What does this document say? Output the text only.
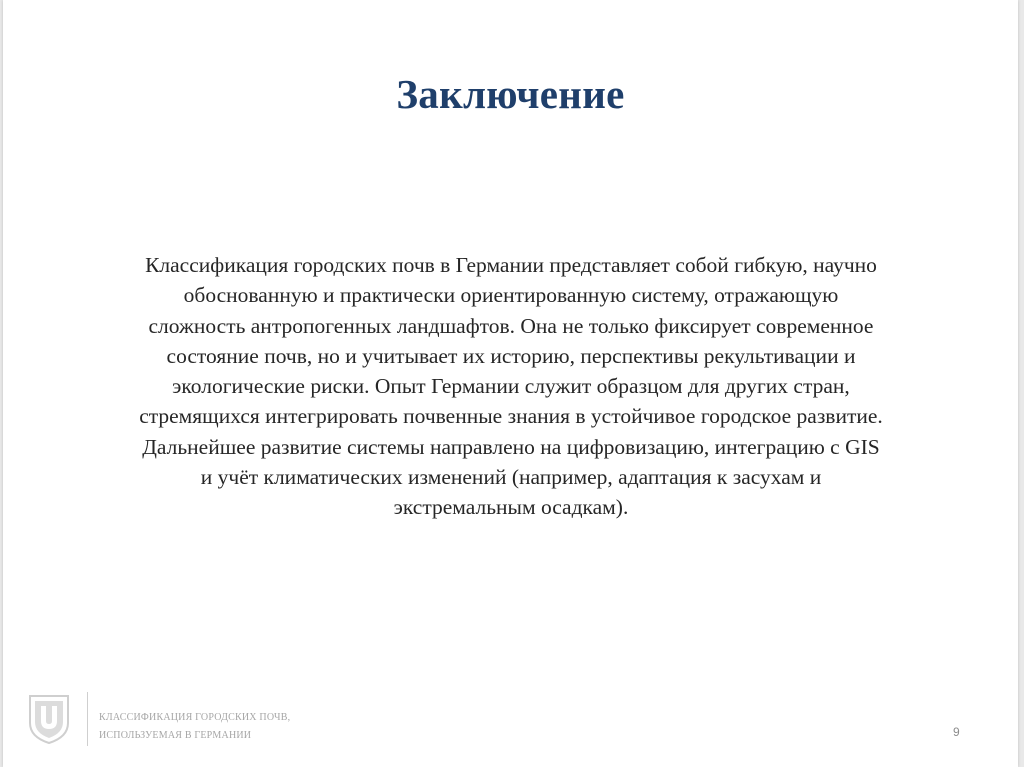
Заключение
Классификация городских почв в Германии представляет собой гибкую, научно
обоснованную и практически ориентированную систему, отражающую
сложность антропогенных ландшафтов. Она не только фиксирует современное
состояние почв, но и учитывает их историю, перспективы рекультивации и
экологические риски. Опыт Германии служит образцом для других стран,
стремящихся интегрировать почвенные знания в устойчивое городское развитие.
Дальнейшее развитие системы направлено на цифровизацию, интеграцию с GIS
и учёт климатических изменений (например, адаптация к засухам и
экстремальным осадкам).
КЛАССИФИКАЦИЯ ГОРОДСКИХ ПОЧВ,
ИСПОЛЬЗУЕМАЯ В ГЕРМАНИИ	9
